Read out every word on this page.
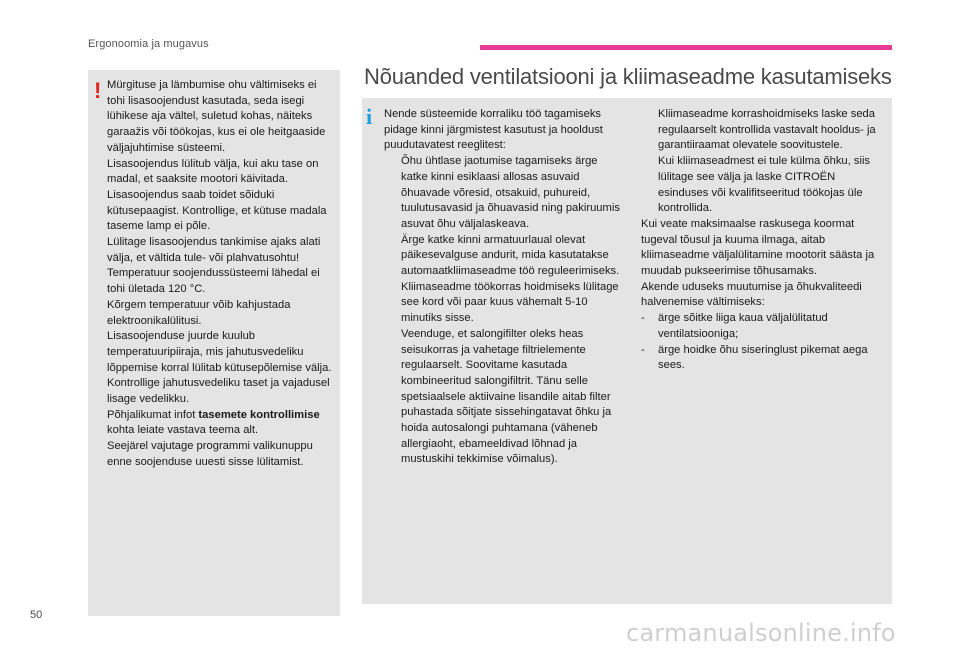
Ergonoomia ja mugavus
! Mürgituse ja lämbumise ohu vältimiseks ei tohi lisasoojendust kasutada, seda isegi lühikese aja vältel, suletud kohas, näiteks garaažis või töökojas, kus ei ole heitgaaside väljajuhtimise süsteemi.

Lisasoojendus lülitub välja, kui aku tase on madal, et saaksite mootori käivitada.

Lisasoojendus saab toidet sõiduki kütusepaagist. Kontrollige, et kütuse madala taseme lamp ei põle.

Lülitage lisasoojendus tankimise ajaks alati välja, et vältida tule- või plahvatusohtu!

Temperatuur soojendussüsteemi lähedal ei tohi ületada 120 °C.

Kõrgem temperatuur võib kahjustada elektroonikalülitusi.

Lisasoojenduse juurde kuulub temperatuuripiiraja, mis jahutusvedeliku lõppemise korral lülitab kütusepõlemise välja. Kontrollige jahutusvedeliku taset ja vajadusel lisage vedelikku.

Põhjalikumat infot tasemete kontrollimise kohta leiate vastava teema alt.

Seejärel vajutage programmi valikunuppu enne soojenduse uuesti sisse lülitamist.

Nõuanded ventilatsiooni ja kliimaseadme kasutamiseks
i Nende süsteemide korraliku töö tagamiseks pidage kinni järgmistest kasutust ja hooldust puudutavatest reeglitest:

Õhu ühtlase jaotumise tagamiseks ärge katke kinni esiklaasi allosas asuvaid õhuavade võresid, otsakuid, puhureid, tuulutusavasid ja õhuavasid ning pakiruumis asuvat õhu väljalaskeava.

Ärge katke kinni armatuurlaual olevat päikesevalguse andurit, mida kasutatakse automaatkliimaseadme töö reguleerimiseks.

Kliimaseadme töökorras hoidmiseks lülitage see kord või paar kuus vähemalt 5-10 minutiks sisse.

Veenduge, et salongifilter oleks heas seisukorras ja vahetage filtrielemente regulaarselt. Soovitame kasutada kombineeritud salongifiltrit. Tänu selle spetsiaalsele aktiivaine lisandile aitab filter puhastada sõitjate sissehingatavat õhku ja hoida autosalongi puhtamana (väheneb allergiaoht, ebameeldivad lõhnad ja mustuskihi tekkimise võimalus).

Kliimaseadme korrashoidmiseks laske seda regulaarselt kontrollida vastavalt hooldus- ja garantiiraamat olevatele soovitustele.

Kui kliimaseadmest ei tule külma õhku, siis lülitage see välja ja laske CITROËN esinduses või kvalifitseeritud töökojas üle kontrollida.

Kui veate maksimaalse raskusega koormat tugeval tõusul ja kuuma ilmaga, aitab kliimaseadme väljalülitamine mootorit säästa ja muudab pukseerimise tõhusamaks.

Akende uduseks muutumise ja õhukvaliteedi halvenemise vältimiseks:

- ärge sõitke liiga kaua väljalülitatud ventilatsiooniga;

- ärge hoidke õhu siseringlust pikemat aega sees.

50
carmanualsonline.info
